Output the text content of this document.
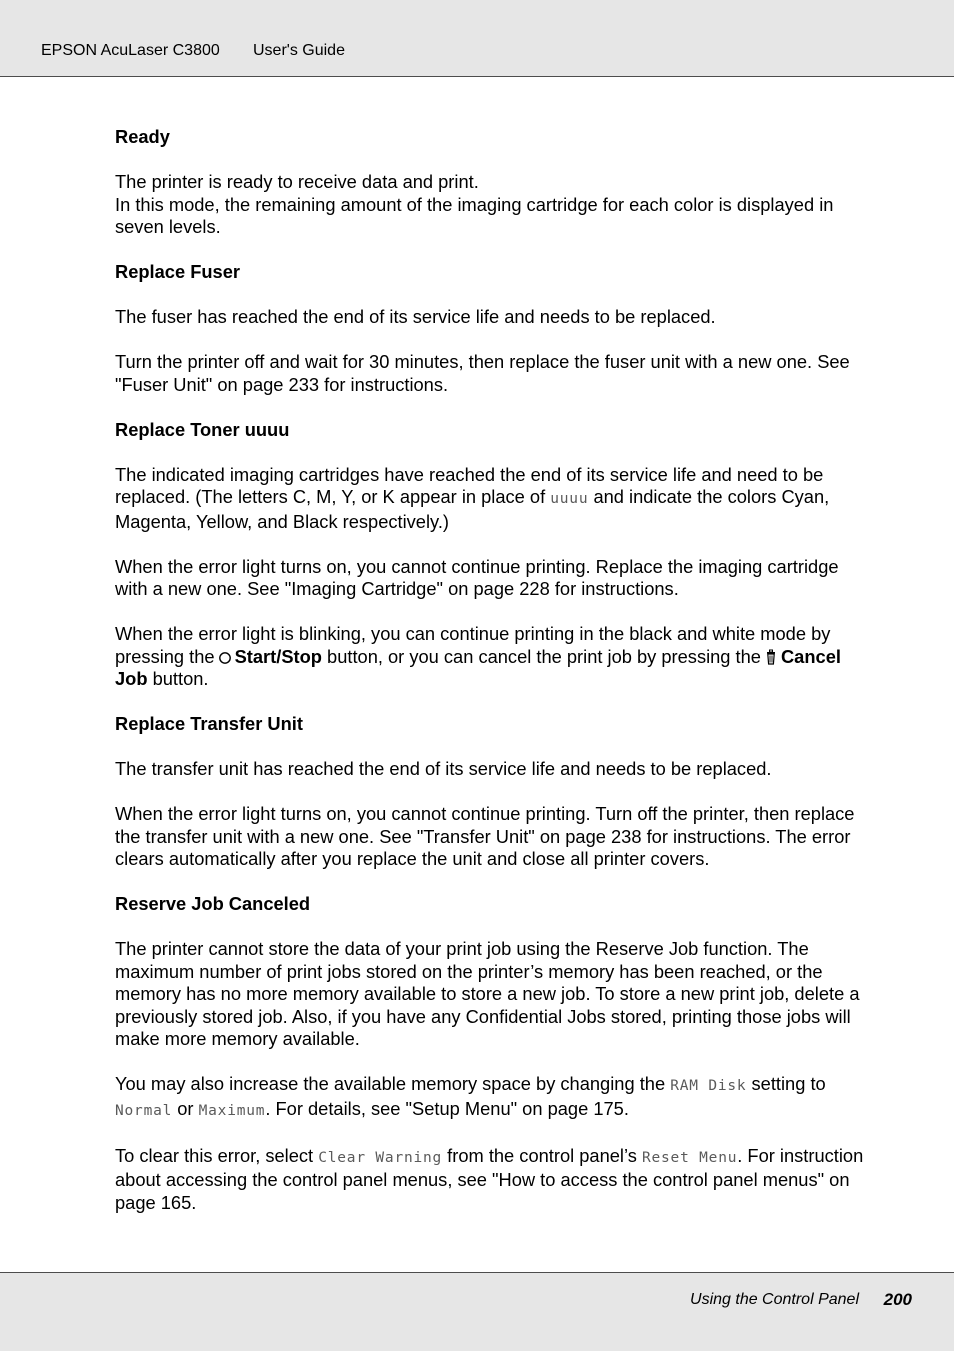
EPSON AcuLaser C3800 User's Guide
Ready

The printer is ready to receive data and print.
In this mode, the remaining amount of the imaging cartridge for each color is displayed in seven levels.

Replace Fuser

The fuser has reached the end of its service life and needs to be replaced.

Turn the printer off and wait for 30 minutes, then replace the fuser unit with a new one. See "Fuser Unit" on page 233 for instructions.

Replace Toner uuuu

The indicated imaging cartridges have reached the end of its service life and need to be replaced. (The letters C, M, Y, or K appear in place of uuuu and indicate the colors Cyan, Magenta, Yellow, and Black respectively.)

When the error light turns on, you cannot continue printing. Replace the imaging cartridge with a new one. See "Imaging Cartridge" on page 228 for instructions.

When the error light is blinking, you can continue printing in the black and white mode by pressing the Start/Stop button, or you can cancel the print job by pressing the Cancel Job button.

Replace Transfer Unit

The transfer unit has reached the end of its service life and needs to be replaced.

When the error light turns on, you cannot continue printing. Turn off the printer, then replace the transfer unit with a new one. See "Transfer Unit" on page 238 for instructions. The error clears automatically after you replace the unit and close all printer covers.

Reserve Job Canceled

The printer cannot store the data of your print job using the Reserve Job function. The maximum number of print jobs stored on the printer’s memory has been reached, or the memory has no more memory available to store a new job. To store a new print job, delete a previously stored job. Also, if you have any Confidential Jobs stored, printing those jobs will make more memory available.

You may also increase the available memory space by changing the RAM Disk setting to Normal or Maximum. For details, see "Setup Menu" on page 175.

To clear this error, select Clear Warning from the control panel’s Reset Menu. For instruction about accessing the control panel menus, see "How to access the control panel menus" on page 165.

Using the Control Panel 200
